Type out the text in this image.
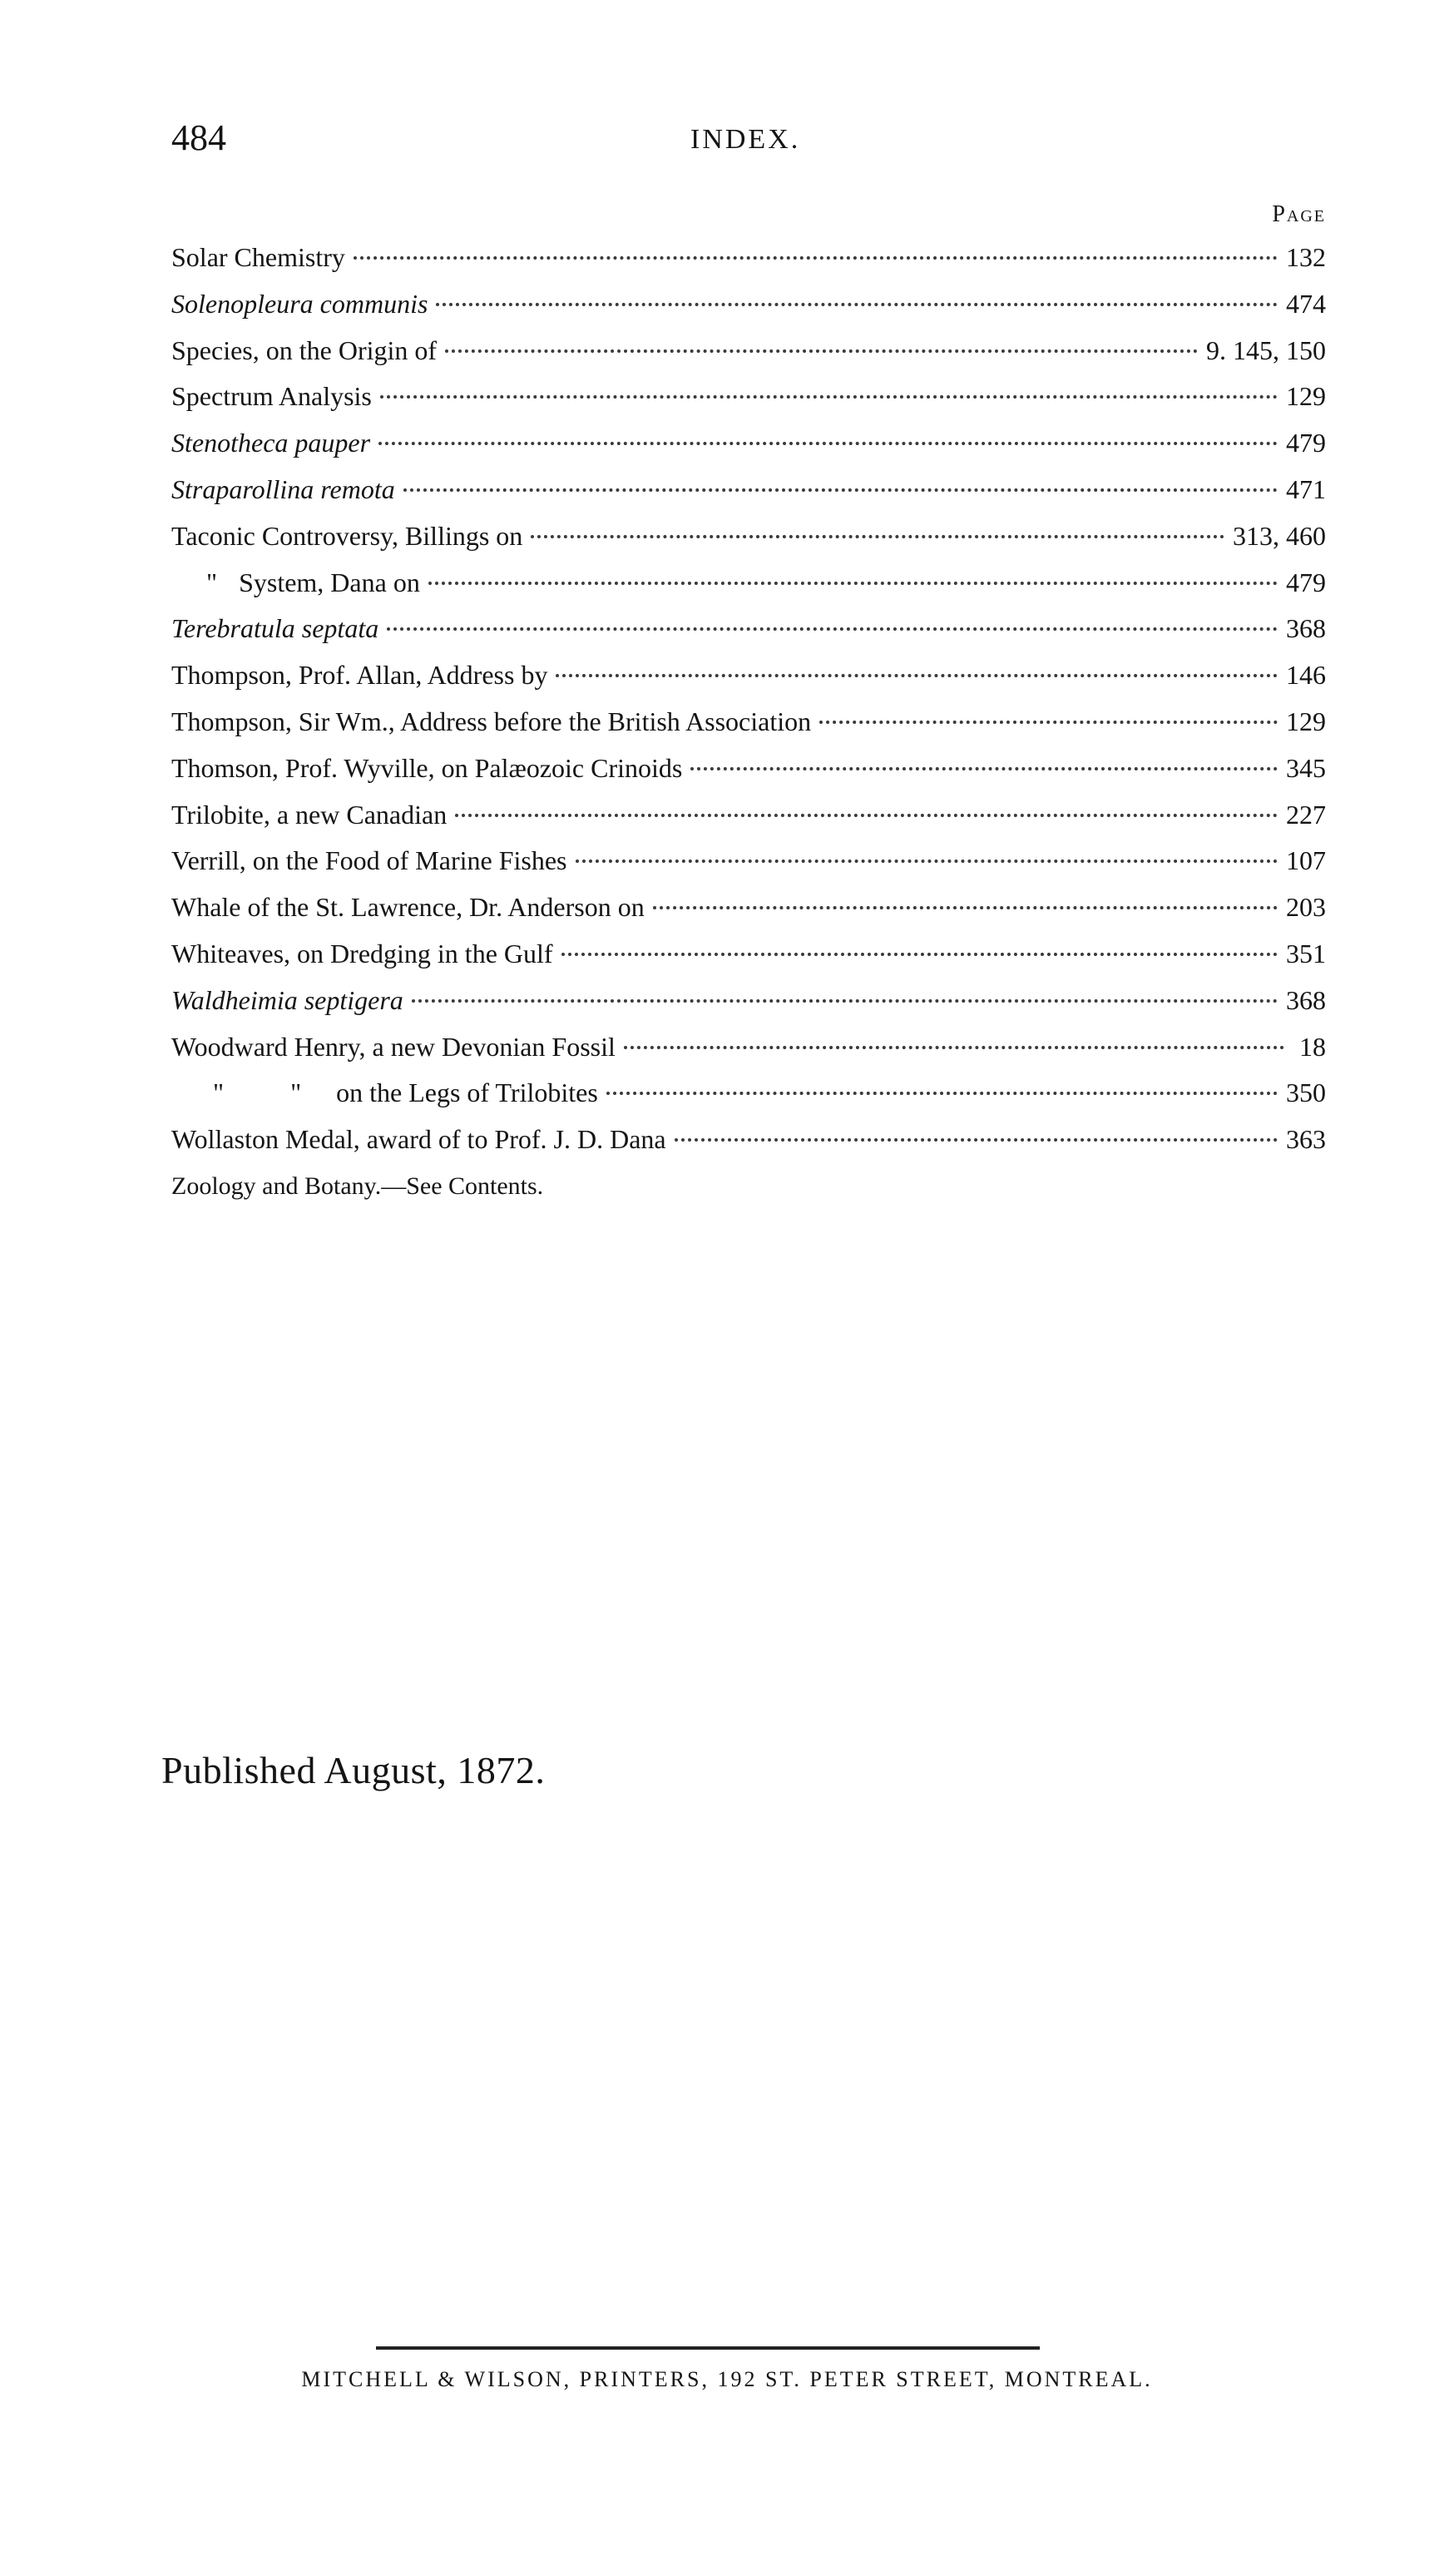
484	INDEX.
Page
Solar Chemistry	132
Solenopleura communis	474
Species, on the Origin of	9. 145, 150
Spectrum Analysis	129
Stenotheca pauper	479
Straparollina remota	471
Taconic Controversy, Billings on	313, 460
" System, Dana on	479
Terebratula septata	368
Thompson, Prof. Allan, Address by	146
Thompson, Sir Wm., Address before the British Association	129
Thomson, Prof. Wyville, on Palæozoic Crinoids	345
Trilobite, a new Canadian	227
Verrill, on the Food of Marine Fishes	107
Whale of the St. Lawrence, Dr. Anderson on	203
Whiteaves, on Dredging in the Gulf	351
Waldheimia septigera	368
Woodward Henry, a new Devonian Fossil	18
"          " on the Legs of Trilobites	350
Wollaston Medal, award of to Prof. J. D. Dana	363
Zoology and Botany.—See Contents.
Published August, 1872.
MITCHELL & WILSON, PRINTERS, 192 ST. PETER STREET, MONTREAL.
